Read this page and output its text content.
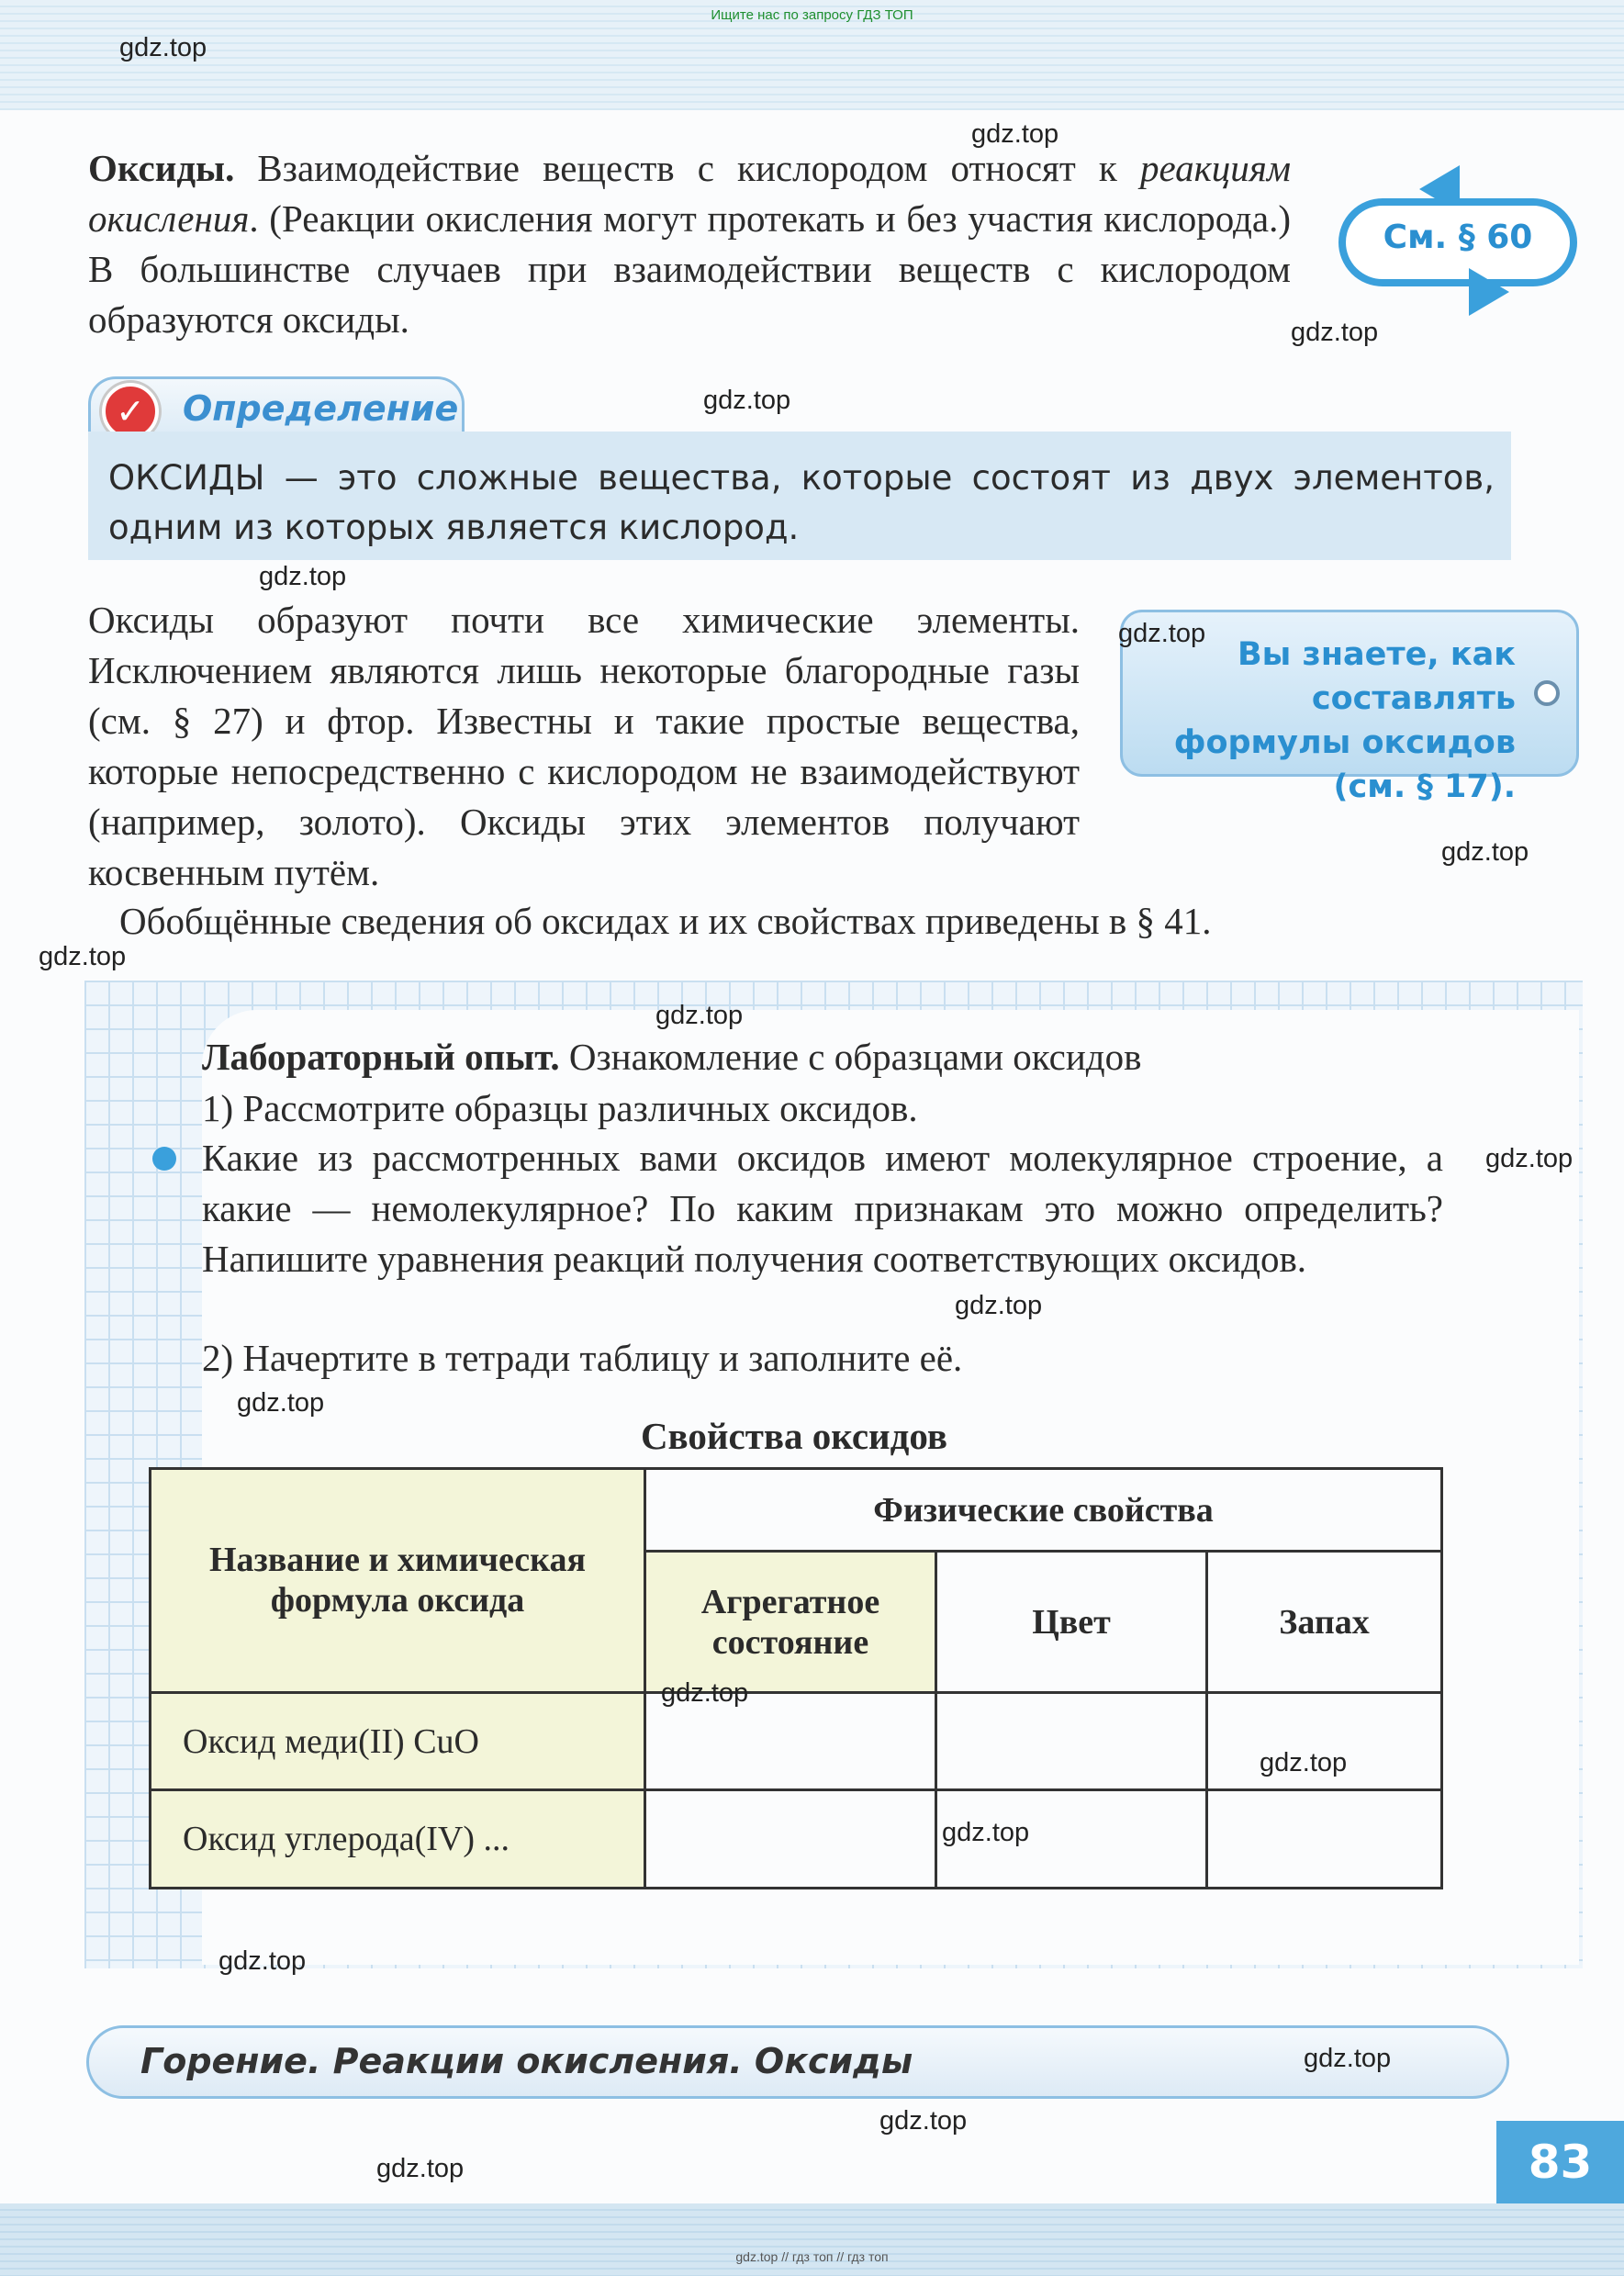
Ищите нас по запросу ГДЗ ТОП
Оксиды. Взаимодействие веществ с кислородом относят к реакциям окисления. (Реакции окисления могут протекать и без участия кислорода.) В большинстве случаев при взаимодействии веществ с кислородом образуются оксиды.
См. § 60
✓	Определение
ОКСИДЫ — это сложные вещества, которые состоят из двух элементов, одним из которых является кислород.
Оксиды образуют почти все химические элементы. Исключением являются лишь некоторые благородные газы (см. § 27) и фтор. Известны и такие простые вещества, которые непосредственно с кислородом не взаимодействуют (например, золото). Оксиды этих элементов получают косвенным путём.
Обобщённые сведения об оксидах и их свойствах приведены в § 41.
Вы знаете, как составлять формулы оксидов (см. § 17).
Лабораторный опыт. Ознакомление с образцами оксидов
1) Рассмотрите образцы различных оксидов.
Какие из рассмотренных вами оксидов имеют молекулярное строение, а какие — немолекулярное? По каким признакам это можно определить? Напишите уравнения реакций получения соответствующих оксидов.
2) Начертите в тетради таблицу и заполните её.
Свойства оксидов
Название и химическая формула оксида	Физические свойства		
	Агрегатное состояние	Цвет	Запах
Оксид меди(II) CuO			
Оксид углерода(IV) ...			
Горение. Реакции окисления. Оксиды
83
gdz.top // гдз топ // гдз топ
gdz.top
gdz.top
gdz.top
gdz.top
gdz.top
gdz.top
gdz.top
gdz.top
gdz.top
gdz.top
gdz.top
gdz.top
gdz.top
gdz.top
gdz.top
gdz.top
gdz.top
gdz.top
gdz.top
